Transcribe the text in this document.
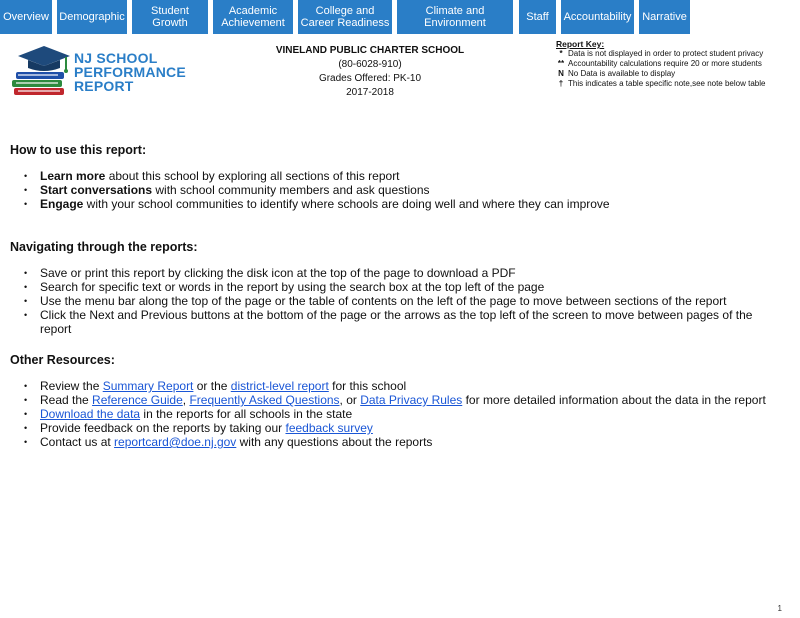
Overview Demographic	Student Growth
Academic Achievement
College and Career Readiness
Climate and Environment	Staff	Accountability Narrative
NJ SCHOOL
PERFORMANCE
REPORT
VINELAND PUBLIC CHARTER SCHOOL
(80-6028-910)
Grades Offered: PK-10
2017-2018
Report Key:
* Data is not displayed in order to protect student privacy
** Accountability calculations require 20 or more students
N No Data is available to display
† This indicates a table specific note,see note below table
How to use this report:
• Learn more about this school by exploring all sections of this report
• Start conversations with school community members and ask questions
• Engage with your school communities to identify where schools are doing well and where they can improve
Navigating through the reports:
• Save or print this report by clicking the disk icon at the top of the page to download a PDF
• Search for specific text or words in the report by using the search box at the top left of the page
• Use the menu bar along the top of the page or the table of contents on the left of the page to move between sections of the report
• Click the Next and Previous buttons at the bottom of the page or the arrows as the top left of the screen to move between pages of the report
Other Resources:
• Review the Summary Report or the district-level report for this school
• Read the Reference Guide, Frequently Asked Questions, or Data Privacy Rules for more detailed information about the data in the report
• Download the data in the reports for all schools in the state
• Provide feedback on the reports by taking our feedback survey
• Contact us at reportcard@doe.nj.gov with any questions about the reports
1
